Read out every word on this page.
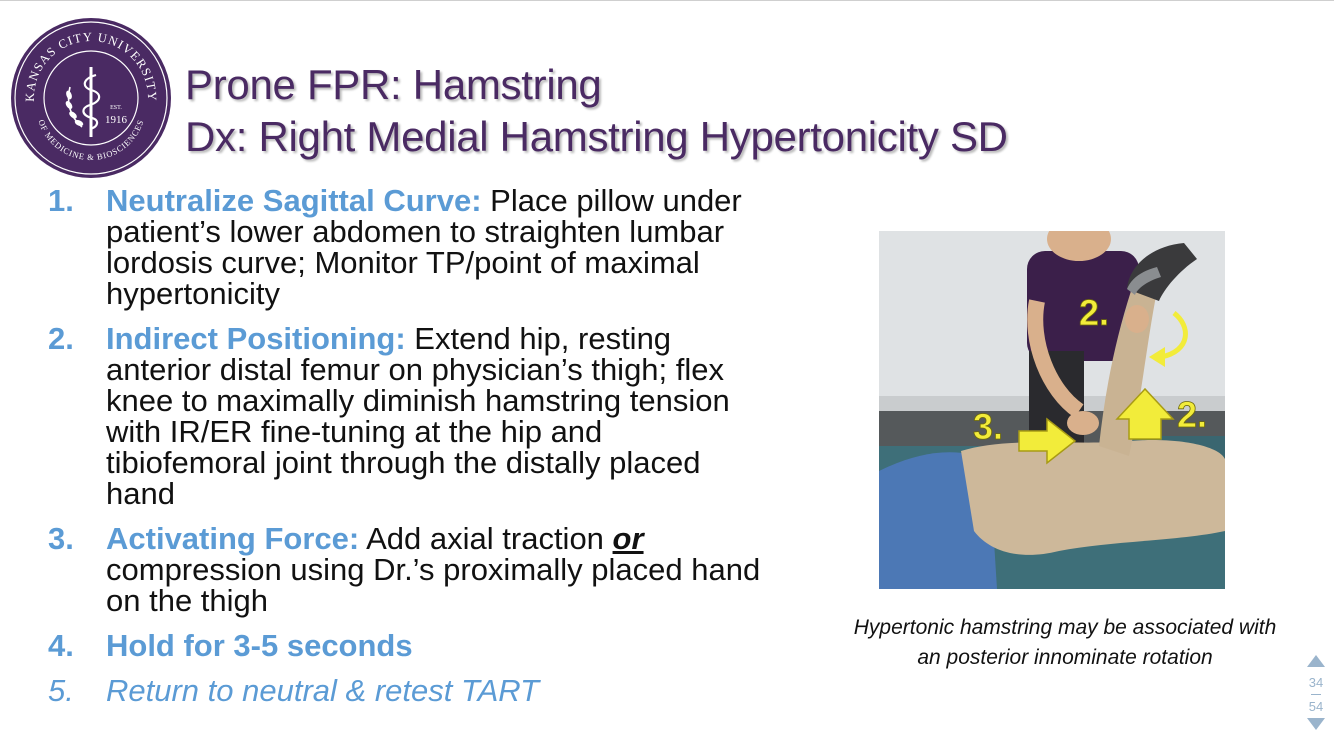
KANSAS CITY UNIVERSITY
OF MEDICINE & BIOSCIENCES
EST.
1916
Prone FPR: Hamstring
Dx: Right Medial Hamstring Hypertonicity SD
1. Neutralize Sagittal Curve: Place pillow under patient’s lower abdomen to straighten lumbar lordosis curve; Monitor TP/point of maximal hypertonicity
2. Indirect Positioning: Extend hip, resting anterior distal femur on physician’s thigh; flex knee to maximally diminish hamstring tension with IR/ER fine-tuning at the hip and tibiofemoral joint through the distally placed hand
3. Activating Force: Add axial traction or compression using Dr.’s proximally placed hand on the thigh
4. Hold for 3-5 seconds
5. Return to neutral & retest TART
2.
2.
3.
Hypertonic hamstring may be associated with
an posterior innominate rotation
34
54
